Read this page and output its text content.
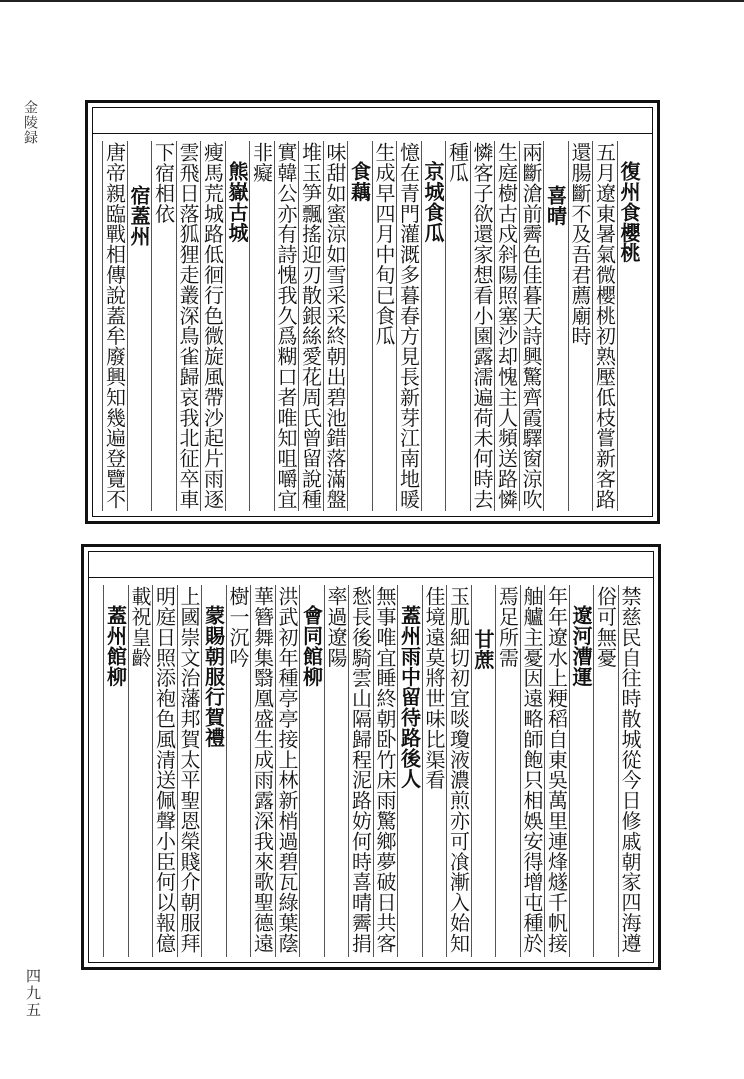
金陵録
復州食櫻桃
五月遼東暑氣微櫻桃初熟壓低枝嘗新客路
還腸斷不及吾君薦廟時
喜晴
兩斷滄前霽色佳暮天詩興驚齊霞驛窗涼吹
生庭樹古戍斜陽照塞沙却愧主人頻送路憐
憐客子欲還家想看小園露濡遍荷未何時去
種瓜
京城食瓜
憶在青門灌溉多暮春方見長新芽江南地暖
生成早四月中旬已食瓜
食藕
味甜如蜜涼如雪采采終朝出碧池錯落滿盤
堆玉笋飄搖迎刃散銀絲愛花周氏曾留說種
實韓公亦有詩愧我久爲糊口者唯知咀嚼宜
非癡
熊嶽古城
瘦馬荒城路低徊行色微旋風帶沙起片雨逐
雲飛日落狐狸走叢深鳥雀歸哀我北征卒車
下宿相依
宿蓋州
唐帝親臨戰相傳說蓋牟廢興知幾遍登覽不
禁慈民自往時散城從今日修戚朝家四海遵
俗可無憂
遼河漕運
年年遼水上粳稻自東吳萬里連烽燧千帆接
舳艫主憂因遠略師飽只相娛安得增屯種於
焉足所需
甘蔗
玉肌細切初宜啖瓊液濃煎亦可飡漸入始知
佳境遠莫將世味比渠看
蓋州雨中留待路後人
無事唯宜睡終朝卧竹床雨驚鄉夢破日共客
愁長後騎雲山隔歸程泥路妨何時喜晴霽捐
率過遼陽
會同館柳
洪武初年種亭亭接上林新梢過碧瓦綠葉蔭
華簪舞集翳凰盛生成雨露深我來歌聖德遠
樹一沉吟
蒙賜朝服行賀禮
上國崇文治藩邦賀太平聖恩榮賤介朝服拜
明庭日照添袍色風清送佩聲小臣何以報億
載祝皇齡
蓋州館柳
四九五
